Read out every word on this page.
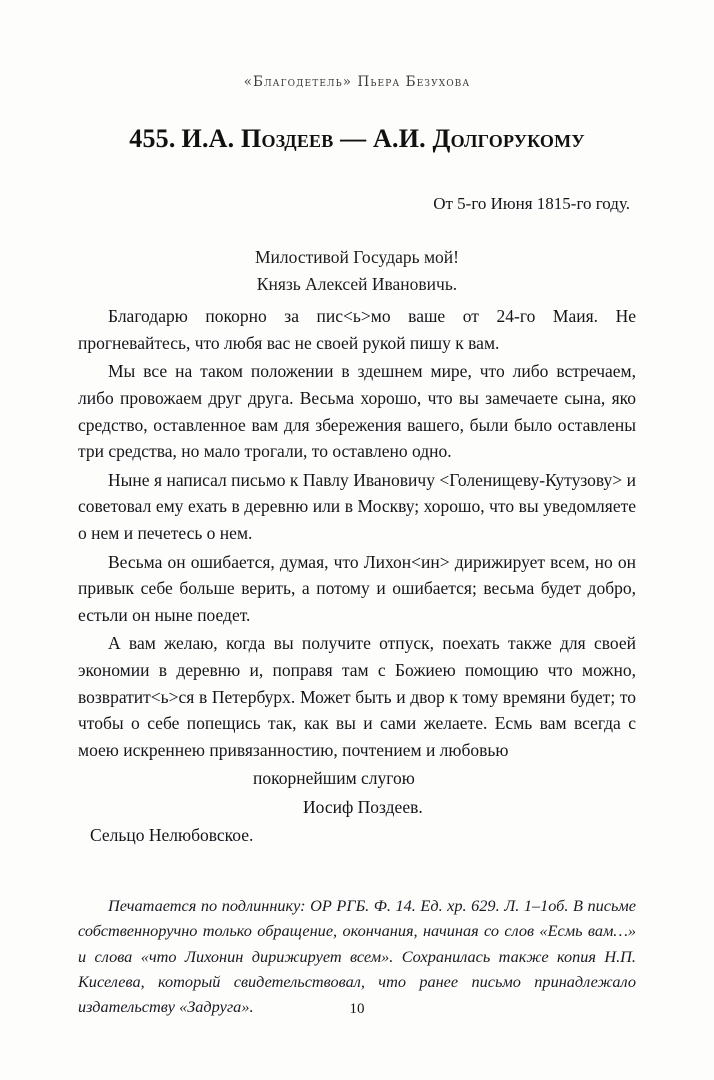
«Благодетель» Пьера Безухова
455. И.А. Поздеев — А.И. Долгорукому
От 5-го Июня 1815-го году.
Милостивой Государь мой!
Князь Алексей Ивановичь.

Благодарю покорно за пис<ь>мо ваше от 24-го Маия. Не прогневайтесь, что любя вас не своей рукой пишу к вам.

Мы все на таком положении в здешнем мире, что либо встречаем, либо провожаем друг друга. Весьма хорошо, что вы замечаете сына, яко средство, оставленное вам для збережения вашего, были было оставлены три средства, но мало трогали, то оставлено одно.

Ныне я написал письмо к Павлу Ивановичу <Голенищеву-Кутузову> и советовал ему ехать в деревню или в Москву; хорошо, что вы уведомляете о нем и печетесь о нем.

Весьма он ошибается, думая, что Лихон<ин> дирижирует всем, но он привык себе больше верить, а потому и ошибается; весьма будет добро, естьли он ныне поедет.

А вам желаю, когда вы получите отпуск, поехать также для своей экономии в деревню и, поправя там с Божиею помощию что можно, возвратит<ь>ся в Петербурх. Может быть и двор к тому времяни будет; то чтобы о себе попещись так, как вы и сами желаете. Есмь вам всегда с моею искреннею привязанностию, почтением и любовью

покорнейшим слугою
Иосиф Поздеев.
Сельцо Нелюбовское.

Печатается по подлиннику: ОР РГБ. Ф. 14. Ед. хр. 629. Л. 1–1об. В письме собственноручно только обращение, окончания, начиная со слов «Есмь вам…» и слова «что Лихонин дирижирует всем». Сохранилась также копия Н.П. Киселева, который свидетельствовал, что ранее письмо принадлежало издательству «Задруга».	10
